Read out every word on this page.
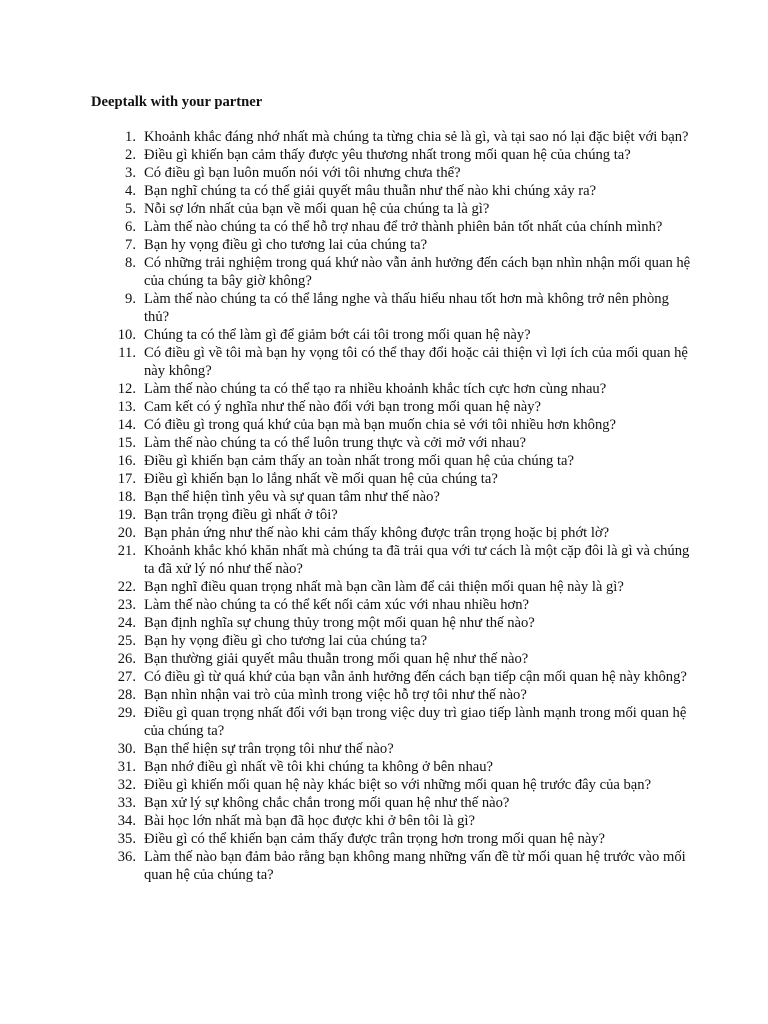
Deeptalk with your partner
1. Khoảnh khắc đáng nhớ nhất mà chúng ta từng chia sẻ là gì, và tại sao nó lại đặc biệt với bạn?
2. Điều gì khiến bạn cảm thấy được yêu thương nhất trong mối quan hệ của chúng ta?
3. Có điều gì bạn luôn muốn nói với tôi nhưng chưa thể?
4. Bạn nghĩ chúng ta có thể giải quyết mâu thuẫn như thế nào khi chúng xảy ra?
5. Nỗi sợ lớn nhất của bạn về mối quan hệ của chúng ta là gì?
6. Làm thế nào chúng ta có thể hỗ trợ nhau để trở thành phiên bản tốt nhất của chính mình?
7. Bạn hy vọng điều gì cho tương lai của chúng ta?
8. Có những trải nghiệm trong quá khứ nào vẫn ảnh hưởng đến cách bạn nhìn nhận mối quan hệ của chúng ta bây giờ không?
9. Làm thế nào chúng ta có thể lắng nghe và thấu hiểu nhau tốt hơn mà không trở nên phòng thủ?
10. Chúng ta có thể làm gì để giảm bớt cái tôi trong mối quan hệ này?
11. Có điều gì về tôi mà bạn hy vọng tôi có thể thay đổi hoặc cải thiện vì lợi ích của mối quan hệ này không?
12. Làm thế nào chúng ta có thể tạo ra nhiều khoảnh khắc tích cực hơn cùng nhau?
13. Cam kết có ý nghĩa như thế nào đối với bạn trong mối quan hệ này?
14. Có điều gì trong quá khứ của bạn mà bạn muốn chia sẻ với tôi nhiều hơn không?
15. Làm thế nào chúng ta có thể luôn trung thực và cởi mở với nhau?
16. Điều gì khiến bạn cảm thấy an toàn nhất trong mối quan hệ của chúng ta?
17. Điều gì khiến bạn lo lắng nhất về mối quan hệ của chúng ta?
18. Bạn thể hiện tình yêu và sự quan tâm như thế nào?
19. Bạn trân trọng điều gì nhất ở tôi?
20. Bạn phản ứng như thế nào khi cảm thấy không được trân trọng hoặc bị phớt lờ?
21. Khoảnh khắc khó khăn nhất mà chúng ta đã trải qua với tư cách là một cặp đôi là gì và chúng ta đã xử lý nó như thế nào?
22. Bạn nghĩ điều quan trọng nhất mà bạn cần làm để cải thiện mối quan hệ này là gì?
23. Làm thế nào chúng ta có thể kết nối cảm xúc với nhau nhiều hơn?
24. Bạn định nghĩa sự chung thủy trong một mối quan hệ như thế nào?
25. Bạn hy vọng điều gì cho tương lai của chúng ta?
26. Bạn thường giải quyết mâu thuẫn trong mối quan hệ như thế nào?
27. Có điều gì từ quá khứ của bạn vẫn ảnh hưởng đến cách bạn tiếp cận mối quan hệ này không?
28. Bạn nhìn nhận vai trò của mình trong việc hỗ trợ tôi như thế nào?
29. Điều gì quan trọng nhất đối với bạn trong việc duy trì giao tiếp lành mạnh trong mối quan hệ của chúng ta?
30. Bạn thể hiện sự trân trọng tôi như thế nào?
31. Bạn nhớ điều gì nhất về tôi khi chúng ta không ở bên nhau?
32. Điều gì khiến mối quan hệ này khác biệt so với những mối quan hệ trước đây của bạn?
33. Bạn xử lý sự không chắc chắn trong mối quan hệ như thế nào?
34. Bài học lớn nhất mà bạn đã học được khi ở bên tôi là gì?
35. Điều gì có thể khiến bạn cảm thấy được trân trọng hơn trong mối quan hệ này?
36. Làm thế nào bạn đảm bảo rằng bạn không mang những vấn đề từ mối quan hệ trước vào mối quan hệ của chúng ta?
